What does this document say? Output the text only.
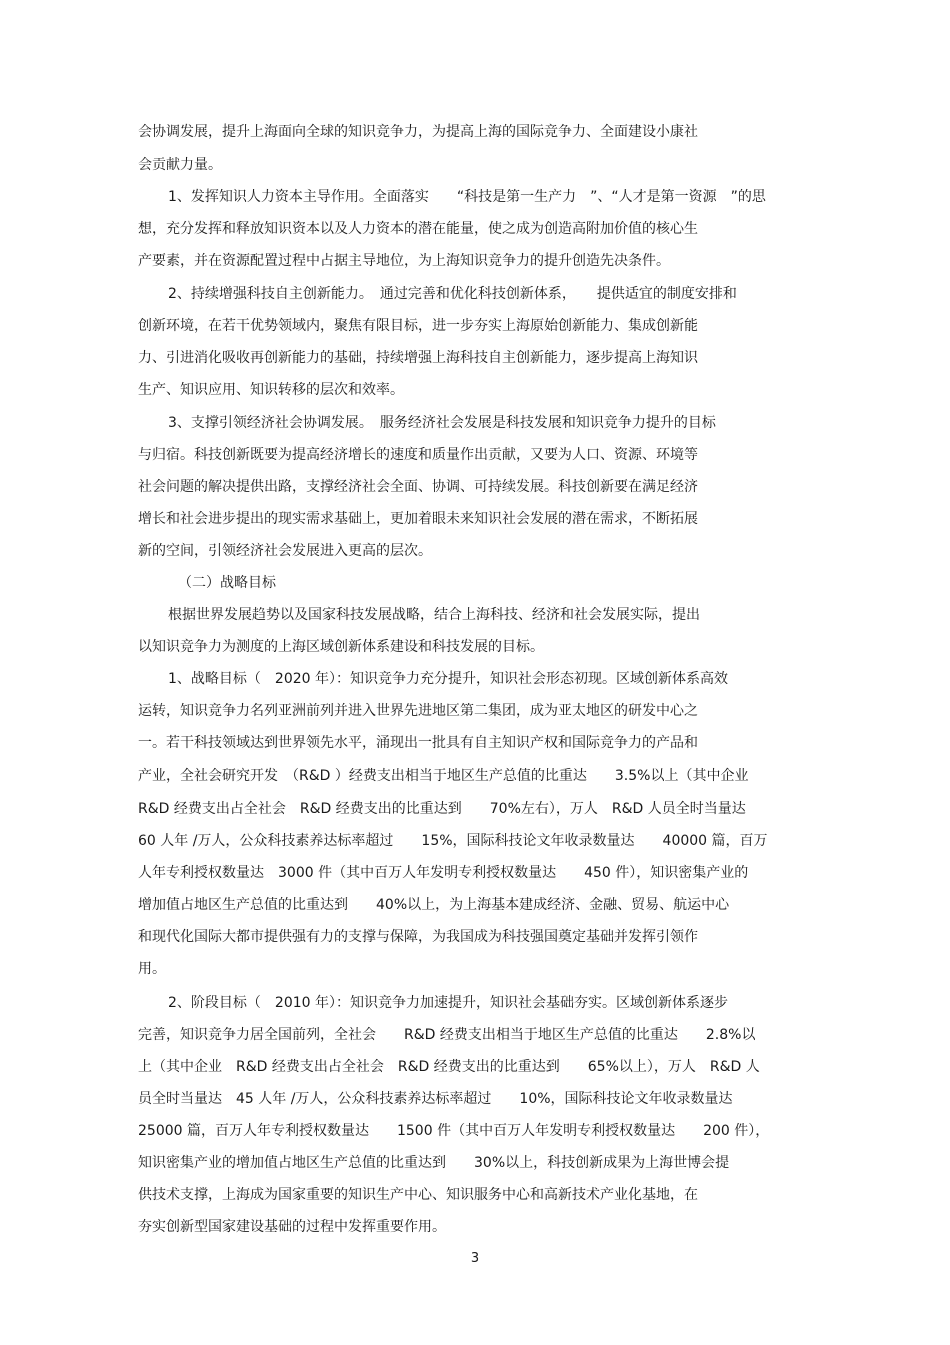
会协调发展，提升上海面向全球的知识竞争力，为提高上海的国际竞争力、全面建设小康社

会贡献力量。

1、发挥知识人力资本主导作用。全面落实　　“科技是第一生产力　”、“人才是第一资源　”的思

想，充分发挥和释放知识资本以及人力资本的潜在能量，使之成为创造高附加价值的核心生

产要素，并在资源配置过程中占据主导地位，为上海知识竞争力的提升创造先决条件。

2、持续增强科技自主创新能力。　通过完善和优化科技创新体系，　　提供适宜的制度安排和

创新环境，在若干优势领域内，聚焦有限目标，进一步夯实上海原始创新能力、集成创新能

力、引进消化吸收再创新能力的基础，持续增强上海科技自主创新能力，逐步提高上海知识

生产、知识应用、知识转移的层次和效率。

3、支撑引领经济社会协调发展。　服务经济社会发展是科技发展和知识竞争力提升的目标

与归宿。科技创新既要为提高经济增长的速度和质量作出贡献，又要为人口、资源、环境等

社会问题的解决提供出路，支撑经济社会全面、协调、可持续发展。科技创新要在满足经济

增长和社会进步提出的现实需求基础上，更加着眼未来知识社会发展的潜在需求，不断拓展

新的空间，引领经济社会发展进入更高的层次。

（二）战略目标

根据世界发展趋势以及国家科技发展战略，结合上海科技、经济和社会发展实际，提出

以知识竞争力为测度的上海区域创新体系建设和科技发展的目标。

1、战略目标（　2020 年）：知识竞争力充分提升，知识社会形态初现。区域创新体系高效

运转，知识竞争力名列亚洲前列并进入世界先进地区第二集团，成为亚太地区的研发中心之

一。若干科技领域达到世界领先水平，涌现出一批具有自主知识产权和国际竞争力的产品和

产业，全社会研究开发　（R&D ）经费支出相当于地区生产总值的比重达　　3.5%以上（其中企业

R&D 经费支出占全社会　R&D 经费支出的比重达到　　70%左右），万人　R&D 人员全时当量达

60 人年 /万人，公众科技素养达标率超过　　15%，国际科技论文年收录数量达　　40000 篇，百万

人年专利授权数量达　3000 件（其中百万人年发明专利授权数量达　　450 件），知识密集产业的

增加值占地区生产总值的比重达到　　40%以上，为上海基本建成经济、金融、贸易、航运中心

和现代化国际大都市提供强有力的支撑与保障，为我国成为科技强国奠定基础并发挥引领作

用。

2、阶段目标（　2010 年）：知识竞争力加速提升，知识社会基础夯实。区域创新体系逐步

完善，知识竞争力居全国前列，全社会　　R&D 经费支出相当于地区生产总值的比重达　　2.8%以

上（其中企业　R&D 经费支出占全社会　R&D 经费支出的比重达到　　65%以上），万人　R&D 人

员全时当量达　45 人年 /万人，公众科技素养达标率超过　　10%，国际科技论文年收录数量达

25000 篇，百万人年专利授权数量达　　1500 件（其中百万人年发明专利授权数量达　　200 件），

知识密集产业的增加值占地区生产总值的比重达到　　30%以上，科技创新成果为上海世博会提

供技术支撑，上海成为国家重要的知识生产中心、知识服务中心和高新技术产业化基地，在

夯实创新型国家建设基础的过程中发挥重要作用。

3
